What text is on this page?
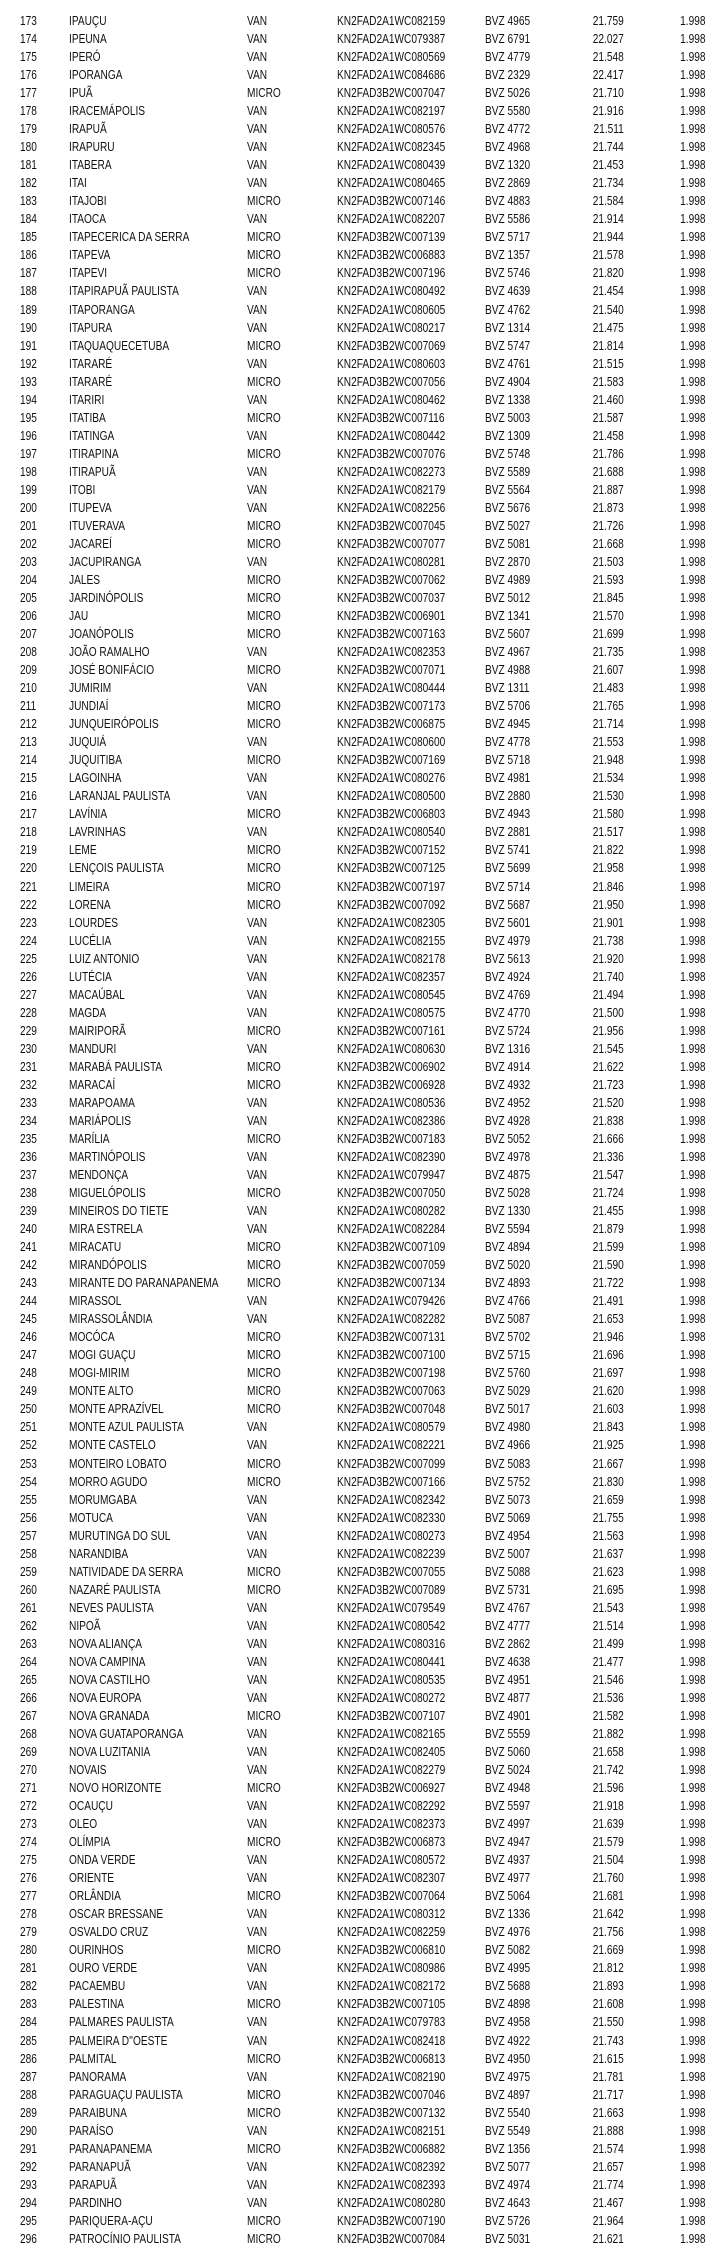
173	IPAUÇU	VAN	KN2FAD2A1WC082159	BVZ 4965	21.759	1.998
174	IPEUNA	VAN	KN2FAD2A1WC079387	BVZ 6791	22.027	1.998
175	IPERÓ	VAN	KN2FAD2A1WC080569	BVZ 4779	21.548	1.998
176	IPORANGA	VAN	KN2FAD2A1WC084686	BVZ 2329	22.417	1.998
177	IPUÃ	MICRO	KN2FAD3B2WC007047	BVZ 5026	21.710	1.998
178	IRACEMÁPOLIS	VAN	KN2FAD2A1WC082197	BVZ 5580	21.916	1.998
179	IRAPUÃ	VAN	KN2FAD2A1WC080576	BVZ 4772	21.511	1.998
180	IRAPURU	VAN	KN2FAD2A1WC082345	BVZ 4968	21.744	1.998
181	ITABERA	VAN	KN2FAD2A1WC080439	BVZ 1320	21.453	1.998
182	ITAI	VAN	KN2FAD2A1WC080465	BVZ 2869	21.734	1.998
183	ITAJOBI	MICRO	KN2FAD3B2WC007146	BVZ 4883	21.584	1.998
184	ITAOCA	VAN	KN2FAD2A1WC082207	BVZ 5586	21.914	1.998
185	ITAPECERICA DA SERRA	MICRO	KN2FAD3B2WC007139	BVZ 5717	21.944	1.998
186	ITAPEVA	MICRO	KN2FAD3B2WC006883	BVZ 1357	21.578	1.998
187	ITAPEVI	MICRO	KN2FAD3B2WC007196	BVZ 5746	21.820	1.998
188	ITAPIRAPUÃ PAULISTA	VAN	KN2FAD2A1WC080492	BVZ 4639	21.454	1.998
189	ITAPORANGA	VAN	KN2FAD2A1WC080605	BVZ 4762	21.540	1.998
190	ITAPURA	VAN	KN2FAD2A1WC080217	BVZ 1314	21.475	1.998
191	ITAQUAQUECETUBA	MICRO	KN2FAD3B2WC007069	BVZ 5747	21.814	1.998
192	ITARARÉ	VAN	KN2FAD2A1WC080603	BVZ 4761	21.515	1.998
193	ITARARÉ	MICRO	KN2FAD3B2WC007056	BVZ 4904	21.583	1.998
194	ITARIRI	VAN	KN2FAD2A1WC080462	BVZ 1338	21.460	1.998
195	ITATIBA	MICRO	KN2FAD3B2WC007116	BVZ 5003	21.587	1.998
196	ITATINGA	VAN	KN2FAD2A1WC080442	BVZ 1309	21.458	1.998
197	ITIRAPINA	MICRO	KN2FAD3B2WC007076	BVZ 5748	21.786	1.998
198	ITIRAPUÃ	VAN	KN2FAD2A1WC082273	BVZ 5589	21.688	1.998
199	ITOBI	VAN	KN2FAD2A1WC082179	BVZ 5564	21.887	1.998
200	ITUPEVA	VAN	KN2FAD2A1WC082256	BVZ 5676	21.873	1.998
201	ITUVERAVA	MICRO	KN2FAD3B2WC007045	BVZ 5027	21.726	1.998
202	JACAREÍ	MICRO	KN2FAD3B2WC007077	BVZ 5081	21.668	1.998
203	JACUPIRANGA	VAN	KN2FAD2A1WC080281	BVZ 2870	21.503	1.998
204	JALES	MICRO	KN2FAD3B2WC007062	BVZ 4989	21.593	1.998
205	JARDINÓPOLIS	MICRO	KN2FAD3B2WC007037	BVZ 5012	21.845	1.998
206	JAU	MICRO	KN2FAD3B2WC006901	BVZ 1341	21.570	1.998
207	JOANÓPOLIS	MICRO	KN2FAD3B2WC007163	BVZ 5607	21.699	1.998
208	JOÃO RAMALHO	VAN	KN2FAD2A1WC082353	BVZ 4967	21.735	1.998
209	JOSÉ BONIFÁCIO	MICRO	KN2FAD3B2WC007071	BVZ 4988	21.607	1.998
210	JUMIRIM	VAN	KN2FAD2A1WC080444	BVZ 1311	21.483	1.998
211	JUNDIAÍ	MICRO	KN2FAD3B2WC007173	BVZ 5706	21.765	1.998
212	JUNQUEIRÓPOLIS	MICRO	KN2FAD3B2WC006875	BVZ 4945	21.714	1.998
213	JUQUIÁ	VAN	KN2FAD2A1WC080600	BVZ 4778	21.553	1.998
214	JUQUITIBA	MICRO	KN2FAD3B2WC007169	BVZ 5718	21.948	1.998
215	LAGOINHA	VAN	KN2FAD2A1WC080276	BVZ 4981	21.534	1.998
216	LARANJAL PAULISTA	VAN	KN2FAD2A1WC080500	BVZ 2880	21.530	1.998
217	LAVÍNIA	MICRO	KN2FAD3B2WC006803	BVZ 4943	21.580	1.998
218	LAVRINHAS	VAN	KN2FAD2A1WC080540	BVZ 2881	21.517	1.998
219	LEME	MICRO	KN2FAD3B2WC007152	BVZ 5741	21.822	1.998
220	LENÇOIS PAULISTA	MICRO	KN2FAD3B2WC007125	BVZ 5699	21.958	1.998
221	LIMEIRA	MICRO	KN2FAD3B2WC007197	BVZ 5714	21.846	1.998
222	LORENA	MICRO	KN2FAD3B2WC007092	BVZ 5687	21.950	1.998
223	LOURDES	VAN	KN2FAD2A1WC082305	BVZ 5601	21.901	1.998
224	LUCÉLIA	VAN	KN2FAD2A1WC082155	BVZ 4979	21.738	1.998
225	LUIZ ANTONIO	VAN	KN2FAD2A1WC082178	BVZ 5613	21.920	1.998
226	LUTÉCIA	VAN	KN2FAD2A1WC082357	BVZ 4924	21.740	1.998
227	MACAÚBAL	VAN	KN2FAD2A1WC080545	BVZ 4769	21.494	1.998
228	MAGDA	VAN	KN2FAD2A1WC080575	BVZ 4770	21.500	1.998
229	MAIRIPORÃ	MICRO	KN2FAD3B2WC007161	BVZ 5724	21.956	1.998
230	MANDURI	VAN	KN2FAD2A1WC080630	BVZ 1316	21.545	1.998
231	MARABÁ PAULISTA	MICRO	KN2FAD3B2WC006902	BVZ 4914	21.622	1.998
232	MARACAÍ	MICRO	KN2FAD3B2WC006928	BVZ 4932	21.723	1.998
233	MARAPOAMA	VAN	KN2FAD2A1WC080536	BVZ 4952	21.520	1.998
234	MARIÁPOLIS	VAN	KN2FAD2A1WC082386	BVZ 4928	21.838	1.998
235	MARÍLIA	MICRO	KN2FAD3B2WC007183	BVZ 5052	21.666	1.998
236	MARTINÓPOLIS	VAN	KN2FAD2A1WC082390	BVZ 4978	21.336	1.998
237	MENDONÇA	VAN	KN2FAD2A1WC079947	BVZ 4875	21.547	1.998
238	MIGUELÓPOLIS	MICRO	KN2FAD3B2WC007050	BVZ 5028	21.724	1.998
239	MINEIROS DO TIETE	VAN	KN2FAD2A1WC080282	BVZ 1330	21.455	1.998
240	MIRA ESTRELA	VAN	KN2FAD2A1WC082284	BVZ 5594	21.879	1.998
241	MIRACATU	MICRO	KN2FAD3B2WC007109	BVZ 4894	21.599	1.998
242	MIRANDÓPOLIS	MICRO	KN2FAD3B2WC007059	BVZ 5020	21.590	1.998
243	MIRANTE DO PARANAPANEMA	MICRO	KN2FAD3B2WC007134	BVZ 4893	21.722	1.998
244	MIRASSOL	VAN	KN2FAD2A1WC079426	BVZ 4766	21.491	1.998
245	MIRASSOLÂNDIA	VAN	KN2FAD2A1WC082282	BVZ 5087	21.653	1.998
246	MOCÓCA	MICRO	KN2FAD3B2WC007131	BVZ 5702	21.946	1.998
247	MOGI GUAÇU	MICRO	KN2FAD3B2WC007100	BVZ 5715	21.696	1.998
248	MOGI-MIRIM	MICRO	KN2FAD3B2WC007198	BVZ 5760	21.697	1.998
249	MONTE ALTO	MICRO	KN2FAD3B2WC007063	BVZ 5029	21.620	1.998
250	MONTE APRAZÍVEL	MICRO	KN2FAD3B2WC007048	BVZ 5017	21.603	1.998
251	MONTE AZUL PAULISTA	VAN	KN2FAD2A1WC080579	BVZ 4980	21.843	1.998
252	MONTE CASTELO	VAN	KN2FAD2A1WC082221	BVZ 4966	21.925	1.998
253	MONTEIRO LOBATO	MICRO	KN2FAD3B2WC007099	BVZ 5083	21.667	1.998
254	MORRO AGUDO	MICRO	KN2FAD3B2WC007166	BVZ 5752	21.830	1.998
255	MORUMGABA	VAN	KN2FAD2A1WC082342	BVZ 5073	21.659	1.998
256	MOTUCA	VAN	KN2FAD2A1WC082330	BVZ 5069	21.755	1.998
257	MURUTINGA DO SUL	VAN	KN2FAD2A1WC080273	BVZ 4954	21.563	1.998
258	NARANDIBA	VAN	KN2FAD2A1WC082239	BVZ 5007	21.637	1.998
259	NATIVIDADE DA SERRA	MICRO	KN2FAD3B2WC007055	BVZ 5088	21.623	1.998
260	NAZARÉ PAULISTA	MICRO	KN2FAD3B2WC007089	BVZ 5731	21.695	1.998
261	NEVES PAULISTA	VAN	KN2FAD2A1WC079549	BVZ 4767	21.543	1.998
262	NIPOÃ	VAN	KN2FAD2A1WC080542	BVZ 4777	21.514	1.998
263	NOVA ALIANÇA	VAN	KN2FAD2A1WC080316	BVZ 2862	21.499	1.998
264	NOVA CAMPINA	VAN	KN2FAD2A1WC080441	BVZ 4638	21.477	1.998
265	NOVA CASTILHO	VAN	KN2FAD2A1WC080535	BVZ 4951	21.546	1.998
266	NOVA EUROPA	VAN	KN2FAD2A1WC080272	BVZ 4877	21.536	1.998
267	NOVA GRANADA	MICRO	KN2FAD3B2WC007107	BVZ 4901	21.582	1.998
268	NOVA GUATAPORANGA	VAN	KN2FAD2A1WC082165	BVZ 5559	21.882	1.998
269	NOVA LUZITANIA	VAN	KN2FAD2A1WC082405	BVZ 5060	21.658	1.998
270	NOVAIS	VAN	KN2FAD2A1WC082279	BVZ 5024	21.742	1.998
271	NOVO HORIZONTE	MICRO	KN2FAD3B2WC006927	BVZ 4948	21.596	1.998
272	OCAUÇU	VAN	KN2FAD2A1WC082292	BVZ 5597	21.918	1.998
273	OLEO	VAN	KN2FAD2A1WC082373	BVZ 4997	21.639	1.998
274	OLÍMPIA	MICRO	KN2FAD3B2WC006873	BVZ 4947	21.579	1.998
275	ONDA VERDE	VAN	KN2FAD2A1WC080572	BVZ 4937	21.504	1.998
276	ORIENTE	VAN	KN2FAD2A1WC082307	BVZ 4977	21.760	1.998
277	ORLÂNDIA	MICRO	KN2FAD3B2WC007064	BVZ 5064	21.681	1.998
278	OSCAR BRESSANE	VAN	KN2FAD2A1WC080312	BVZ 1336	21.642	1.998
279	OSVALDO CRUZ	VAN	KN2FAD2A1WC082259	BVZ 4976	21.756	1.998
280	OURINHOS	MICRO	KN2FAD3B2WC006810	BVZ 5082	21.669	1.998
281	OURO VERDE	VAN	KN2FAD2A1WC080986	BVZ 4995	21.812	1.998
282	PACAEMBU	VAN	KN2FAD2A1WC082172	BVZ 5688	21.893	1.998
283	PALESTINA	MICRO	KN2FAD3B2WC007105	BVZ 4898	21.608	1.998
284	PALMARES PAULISTA	VAN	KN2FAD2A1WC079783	BVZ 4958	21.550	1.998
285	PALMEIRA D''OESTE	VAN	KN2FAD2A1WC082418	BVZ 4922	21.743	1.998
286	PALMITAL	MICRO	KN2FAD3B2WC006813	BVZ 4950	21.615	1.998
287	PANORAMA	VAN	KN2FAD2A1WC082190	BVZ 4975	21.781	1.998
288	PARAGUAÇU PAULISTA	MICRO	KN2FAD3B2WC007046	BVZ 4897	21.717	1.998
289	PARAIBUNA	MICRO	KN2FAD3B2WC007132	BVZ 5540	21.663	1.998
290	PARAÍSO	VAN	KN2FAD2A1WC082151	BVZ 5549	21.888	1.998
291	PARANAPANEMA	MICRO	KN2FAD3B2WC006882	BVZ 1356	21.574	1.998
292	PARANAPUÃ	VAN	KN2FAD2A1WC082392	BVZ 5077	21.657	1.998
293	PARAPUÃ	VAN	KN2FAD2A1WC082393	BVZ 4974	21.774	1.998
294	PARDINHO	VAN	KN2FAD2A1WC080280	BVZ 4643	21.467	1.998
295	PARIQUERA-AÇU	MICRO	KN2FAD3B2WC007190	BVZ 5726	21.964	1.998
296	PATROCÍNIO PAULISTA	MICRO	KN2FAD3B2WC007084	BVZ 5031	21.621	1.998
